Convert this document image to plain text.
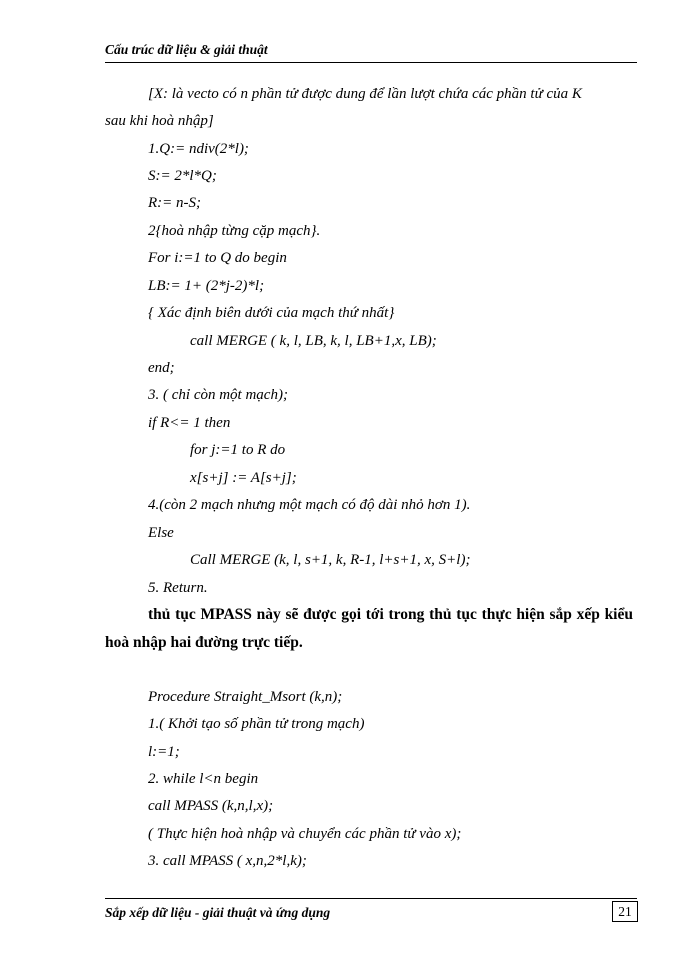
Cấu trúc dữ liệu & giải thuật
[X: là vecto có n phần tử được dung để lần lượt chứa các phần tử của K
sau khi hoà nhập]
1.Q:= ndiv(2*l);
S:= 2*l*Q;
R:= n-S;
2{hoà nhập từng cặp mạch}.
For i:=1 to Q do begin
LB:= 1+ (2*j-2)*l;
{ Xác định biên dưới của mạch thứ nhất}
call MERGE ( k, l, LB, k, l, LB+1,x, LB);
end;
3. ( chỉ còn một mạch);
if R<= 1 then
for j:=1 to R do
x[s+j] := A[s+j];
4.(còn 2 mạch nhưng một mạch có độ dài nhỏ hơn 1).
Else
Call MERGE (k, l, s+1, k, R-1, l+s+1, x, S+l);
5. Return.
thủ tục MPASS này sẽ được gọi tới trong thủ tục thực hiện sắp xếp kiểu hoà nhập hai đường trực tiếp.
Procedure Straight_Msort (k,n);
1.( Khởi tạo số phần tử trong mạch)
l:=1;
2. while l<n begin
call MPASS (k,n,l,x);
( Thực hiện hoà nhập và chuyển các phần tử vào x);
3. call MPASS ( x,n,2*l,k);
Sắp xếp dữ liệu - giải thuật và ứng dụng	21
